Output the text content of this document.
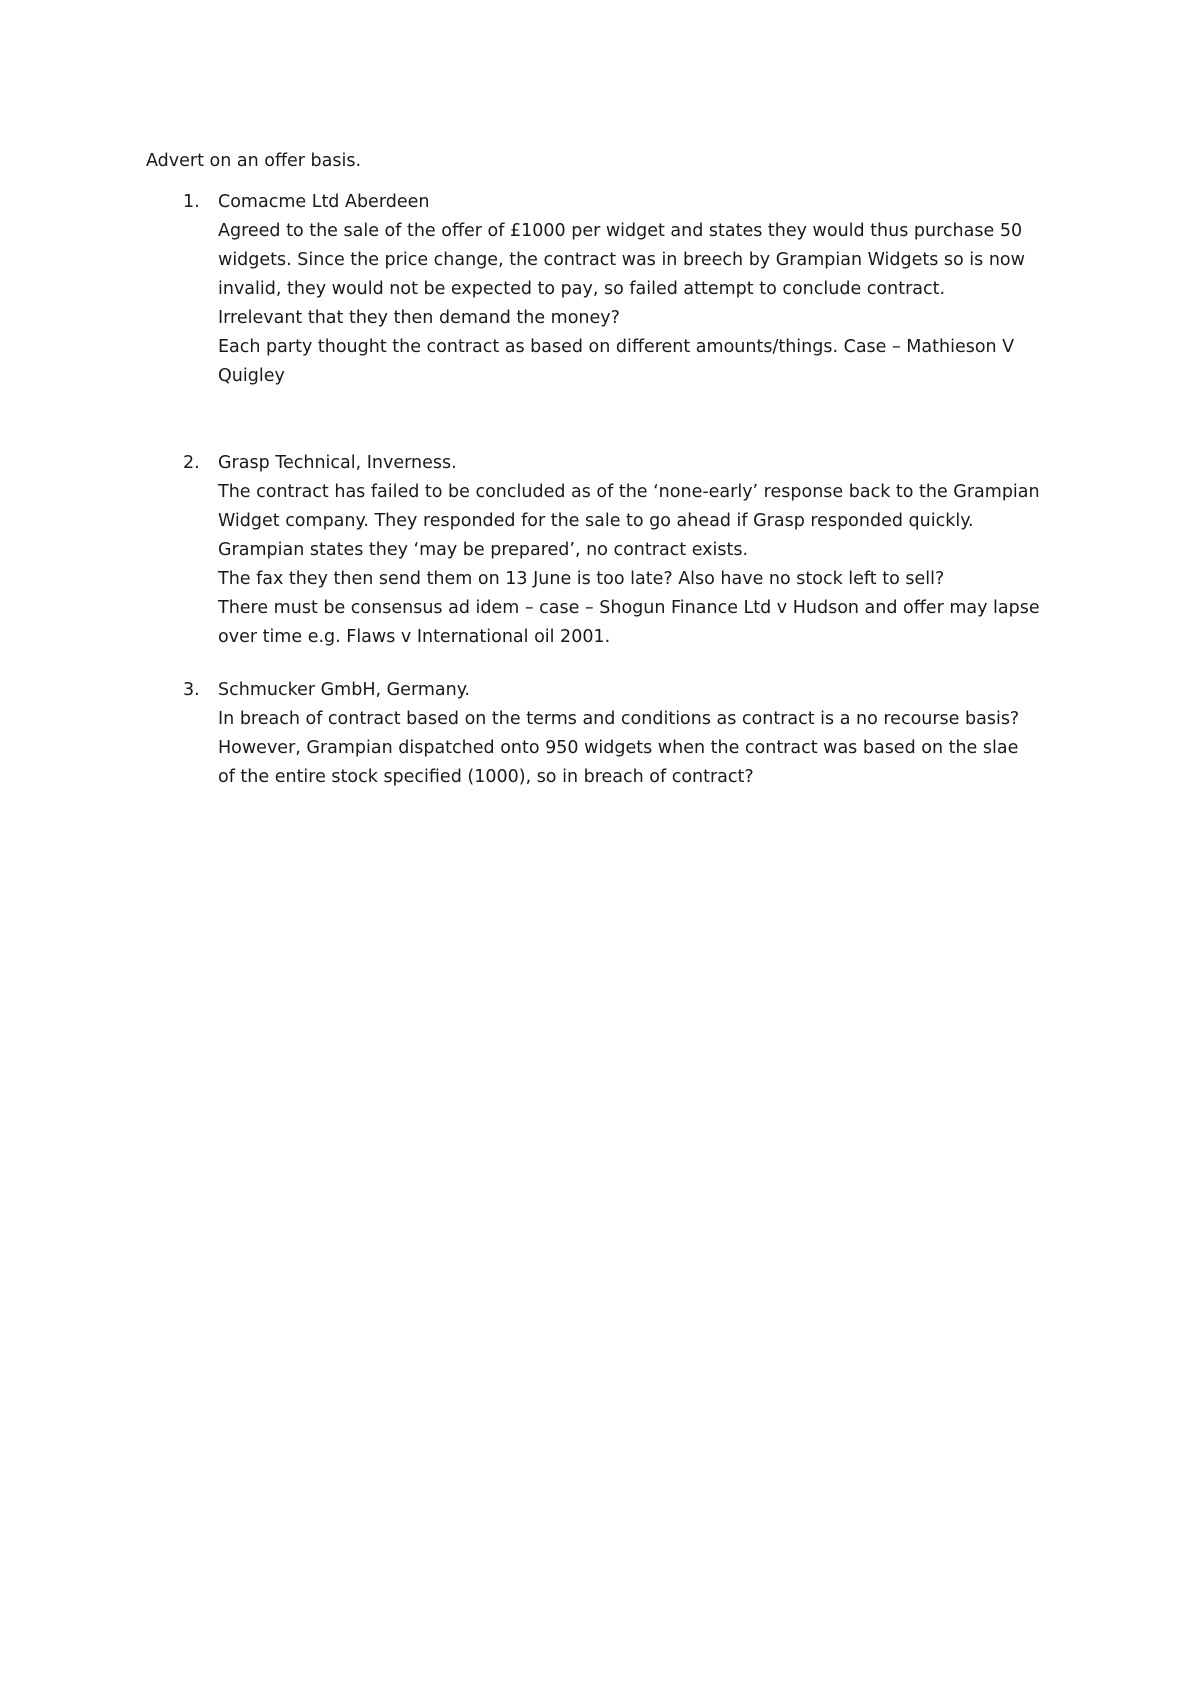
Advert on an offer basis.

1. Comacme Ltd Aberdeen
Agreed to the sale of the offer of £1000 per widget and states they would thus purchase 50
widgets. Since the price change, the contract was in breech by Grampian Widgets so is now
invalid, they would not be expected to pay, so failed attempt to conclude contract.
Irrelevant that they then demand the money?
Each party thought the contract as based on different amounts/things. Case – Mathieson V
Quigley
2. Grasp Technical, Inverness.
The contract has failed to be concluded as of the ‘none-early’ response back to the Grampian
Widget company. They responded for the sale to go ahead if Grasp responded quickly.
Grampian states they ‘may be prepared’, no contract exists.
The fax they then send them on 13 June is too late? Also have no stock left to sell?
There must be consensus ad idem – case – Shogun Finance Ltd v Hudson and offer may lapse
over time e.g. Flaws v International oil 2001.
3. Schmucker GmbH, Germany.
In breach of contract based on the terms and conditions as contract is a no recourse basis?
However, Grampian dispatched onto 950 widgets when the contract was based on the slae
of the entire stock specified (1000), so in breach of contract?
